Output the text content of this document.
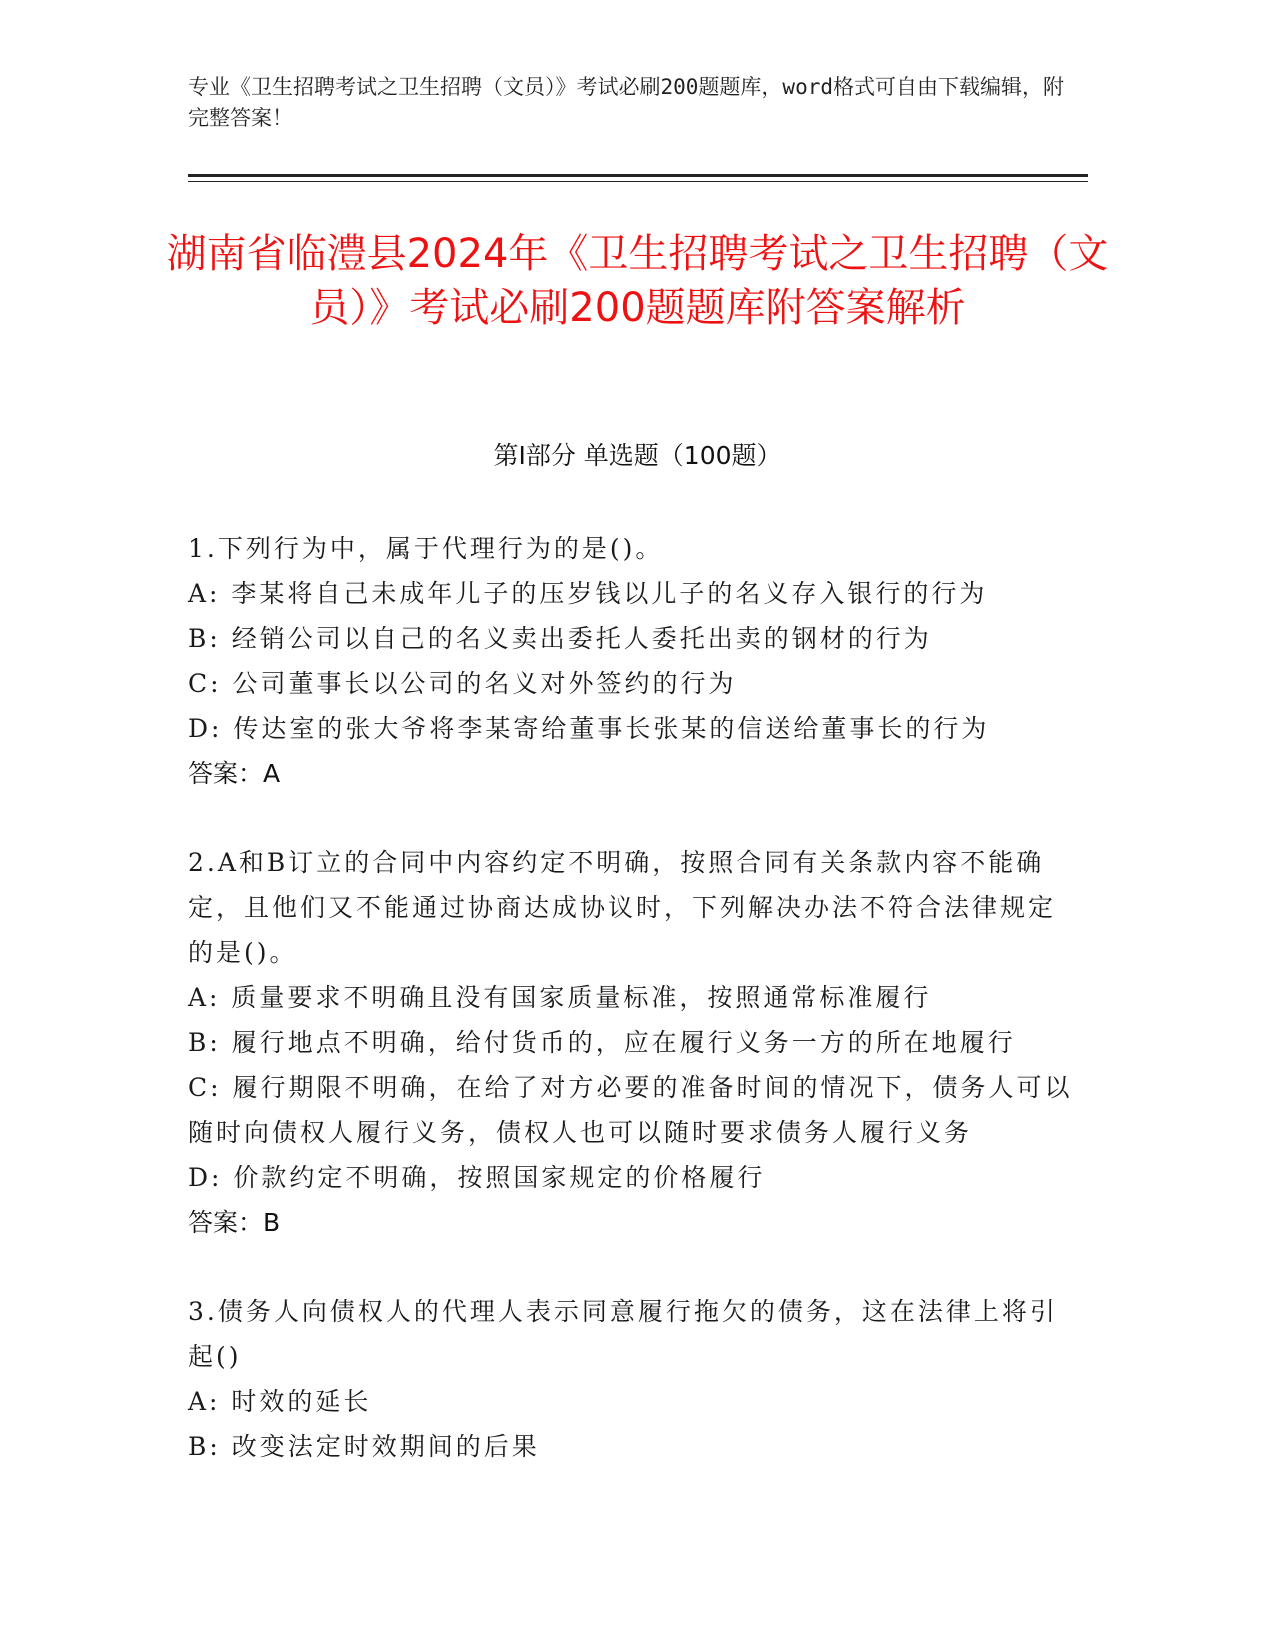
专业《卫生招聘考试之卫生招聘（文员）》考试必刷200题题库，word格式可自由下载编辑，附完整答案！
湖南省临澧县2024年《卫生招聘考试之卫生招聘（文员）》考试必刷200题题库附答案解析
第I部分 单选题（100题）

1.下列行为中，属于代理行为的是()。

A: 李某将自己未成年儿子的压岁钱以儿子的名义存入银行的行为

B: 经销公司以自己的名义卖出委托人委托出卖的钢材的行为

C: 公司董事长以公司的名义对外签约的行为

D: 传达室的张大爷将李某寄给董事长张某的信送给董事长的行为

答案：A

2.A和B订立的合同中内容约定不明确，按照合同有关条款内容不能确定，且他们又不能通过协商达成协议时，下列解决办法不符合法律规定的是()。

A: 质量要求不明确且没有国家质量标准，按照通常标准履行

B: 履行地点不明确，给付货币的，应在履行义务一方的所在地履行

C: 履行期限不明确，在给了对方必要的准备时间的情况下，债务人可以随时向债权人履行义务，债权人也可以随时要求债务人履行义务

D: 价款约定不明确，按照国家规定的价格履行

答案：B

3.债务人向债权人的代理人表示同意履行拖欠的债务，这在法律上将引起()

A: 时效的延长

B: 改变法定时效期间的后果
